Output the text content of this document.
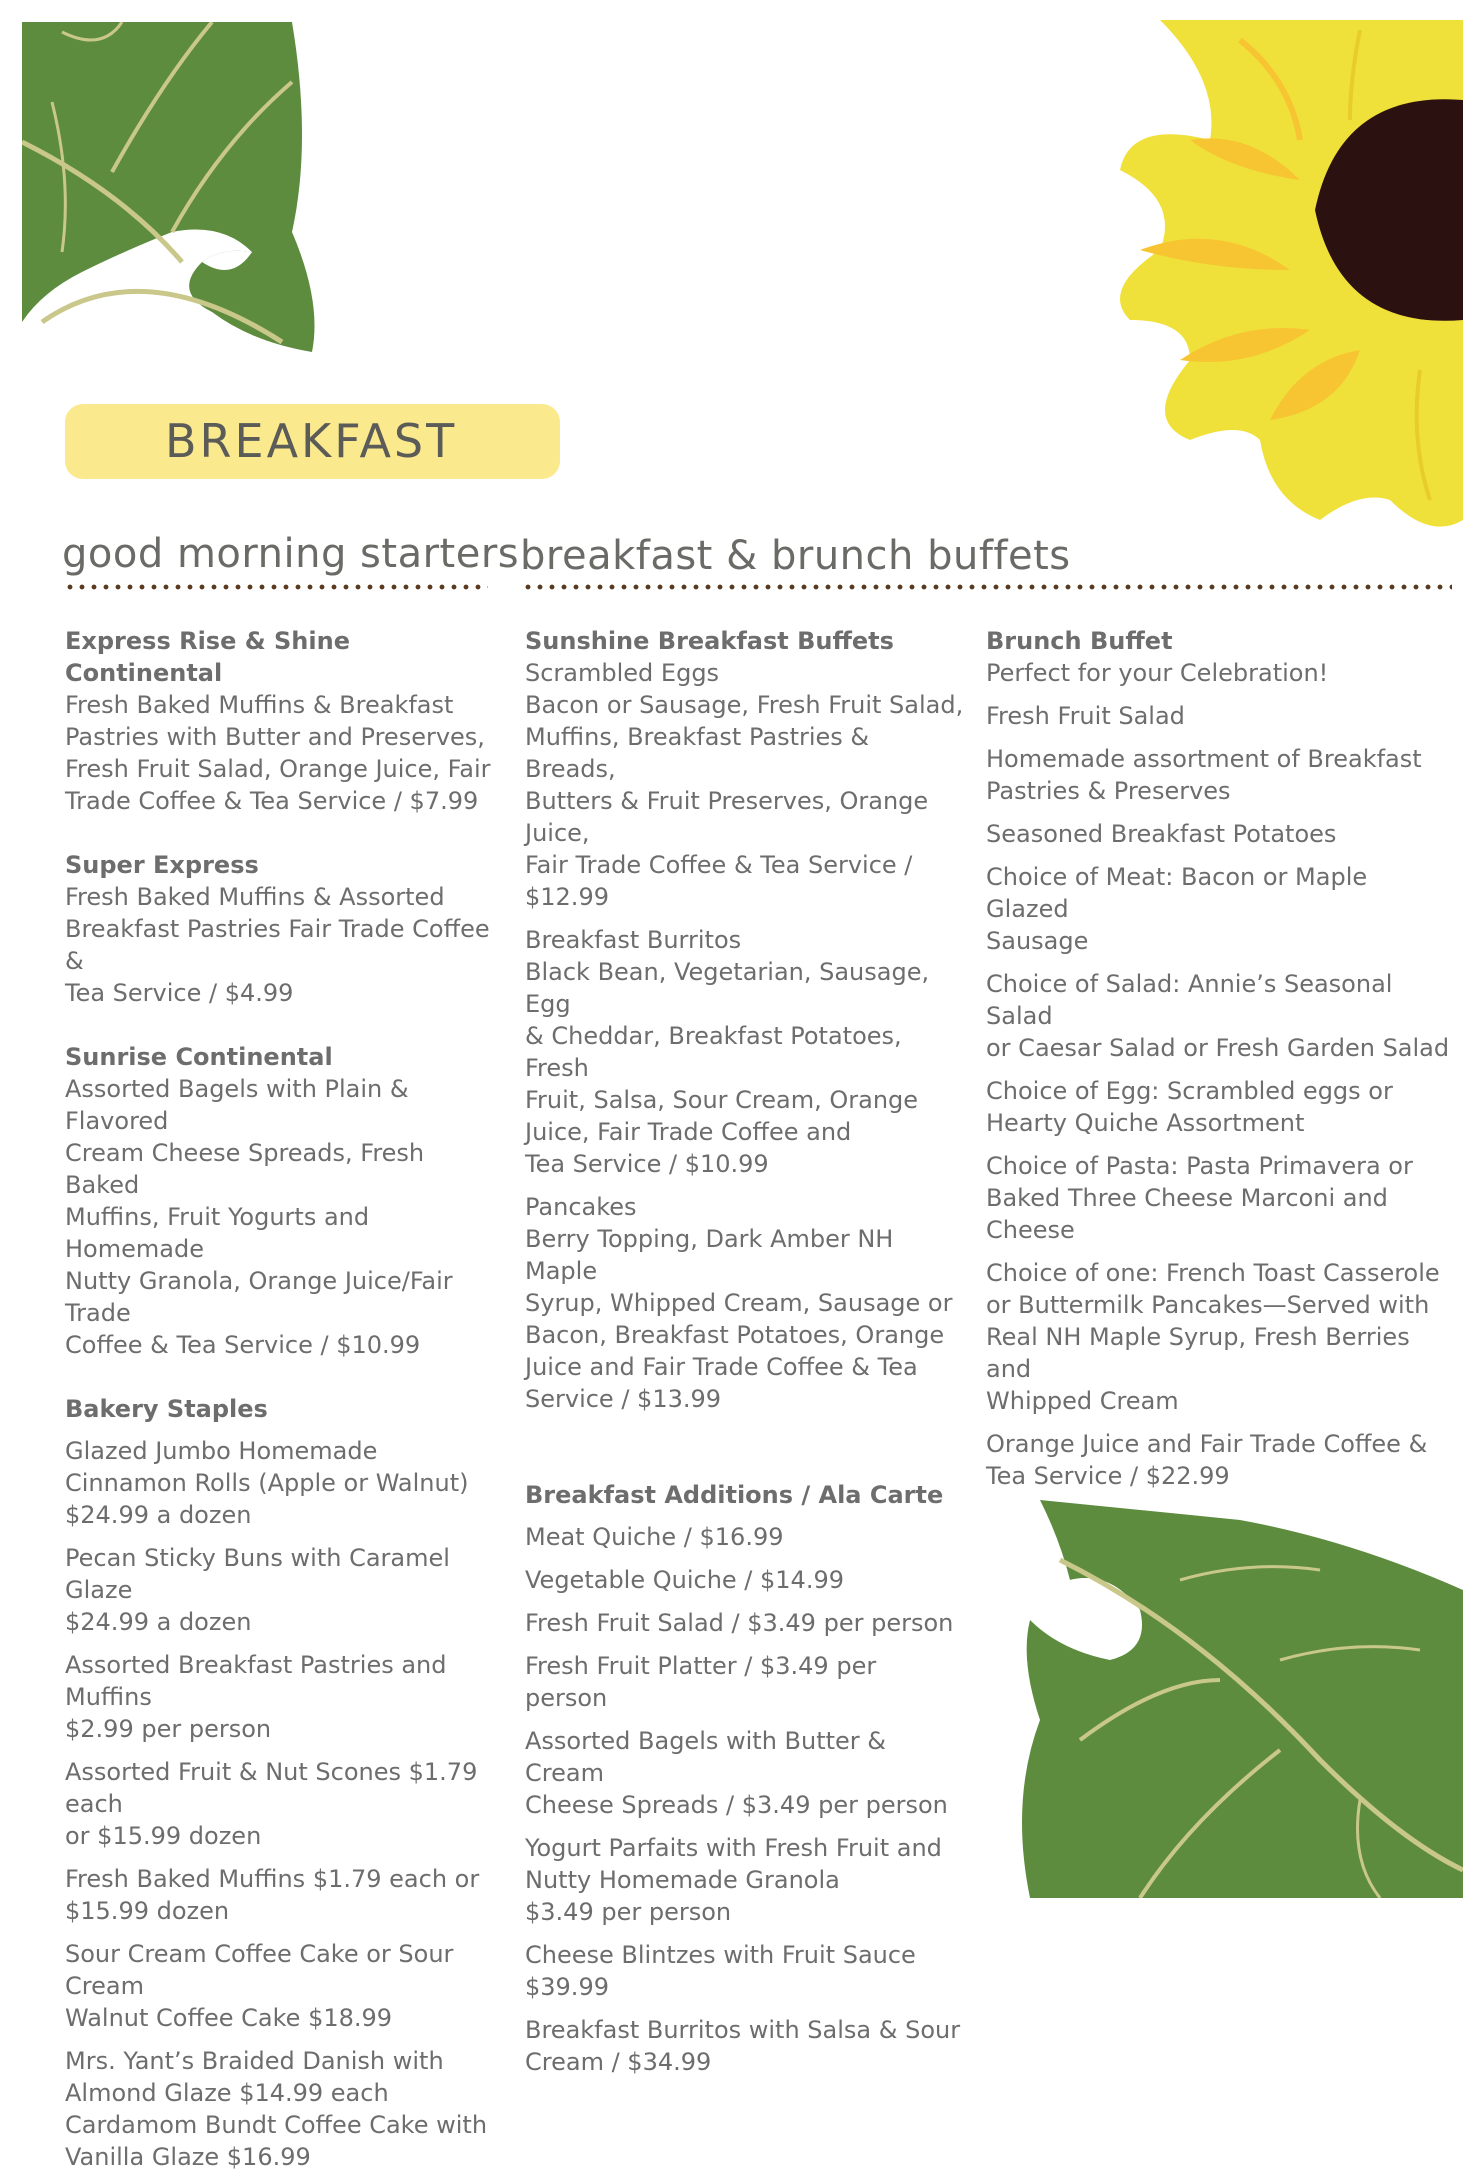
BREAKFAST
good morning starters breakfast & brunch buffets
Express Rise & Shine Continental
Fresh Baked Muffins & Breakfast
Pastries with Butter and Preserves,
Fresh Fruit Salad, Orange Juice, Fair
Trade Coffee & Tea Service / $7.99
Super Express
Fresh Baked Muffins & Assorted
Breakfast Pastries Fair Trade Coffee &
Tea Service / $4.99
Sunrise Continental
Assorted Bagels with Plain & Flavored
Cream Cheese Spreads, Fresh Baked
Muffins, Fruit Yogurts and Homemade
Nutty Granola, Orange Juice/Fair Trade
Coffee & Tea Service / $10.99
Bakery Staples
Glazed Jumbo Homemade
Cinnamon Rolls (Apple or Walnut)
$24.99 a dozen
Pecan Sticky Buns with Caramel Glaze
$24.99 a dozen
Assorted Breakfast Pastries and Muffins
$2.99 per person
Assorted Fruit & Nut Scones $1.79 each
or $15.99 dozen
Fresh Baked Muffins $1.79 each or
$15.99 dozen
Sour Cream Coffee Cake or Sour Cream
Walnut Coffee Cake $18.99
Mrs. Yant’s Braided Danish with
Almond Glaze $14.99 each
Cardamom Bundt Coffee Cake with
Vanilla Glaze $16.99
Sunshine Breakfast Buffets
Scrambled Eggs
Bacon or Sausage, Fresh Fruit Salad,
Muffins, Breakfast Pastries & Breads,
Butters & Fruit Preserves, Orange Juice,
Fair Trade Coffee & Tea Service / $12.99
Breakfast Burritos
Black Bean, Vegetarian, Sausage, Egg
& Cheddar, Breakfast Potatoes, Fresh
Fruit, Salsa, Sour Cream, Orange
Juice, Fair Trade Coffee and
Tea Service / $10.99
Pancakes
Berry Topping, Dark Amber NH Maple
Syrup, Whipped Cream, Sausage or
Bacon, Breakfast Potatoes, Orange
Juice and Fair Trade Coffee & Tea
Service / $13.99
Breakfast Additions / Ala Carte
Meat Quiche / $16.99
Vegetable Quiche / $14.99
Fresh Fruit Salad / $3.49 per person
Fresh Fruit Platter / $3.49 per person
Assorted Bagels with Butter & Cream
Cheese Spreads / $3.49 per person
Yogurt Parfaits with Fresh Fruit and
Nutty Homemade Granola
$3.49 per person
Cheese Blintzes with Fruit Sauce
$39.99
Breakfast Burritos with Salsa & Sour
Cream / $34.99
Brunch Buffet
Perfect for your Celebration!
Fresh Fruit Salad
Homemade assortment of Breakfast
Pastries & Preserves
Seasoned Breakfast Potatoes
Choice of Meat: Bacon or Maple Glazed
Sausage
Choice of Salad: Annie’s Seasonal Salad
or Caesar Salad or Fresh Garden Salad
Choice of Egg: Scrambled eggs or
Hearty Quiche Assortment
Choice of Pasta: Pasta Primavera or
Baked Three Cheese Marconi and
Cheese
Choice of one: French Toast Casserole
or Buttermilk Pancakes—Served with
Real NH Maple Syrup, Fresh Berries and
Whipped Cream
Orange Juice and Fair Trade Coffee &
Tea Service / $22.99
